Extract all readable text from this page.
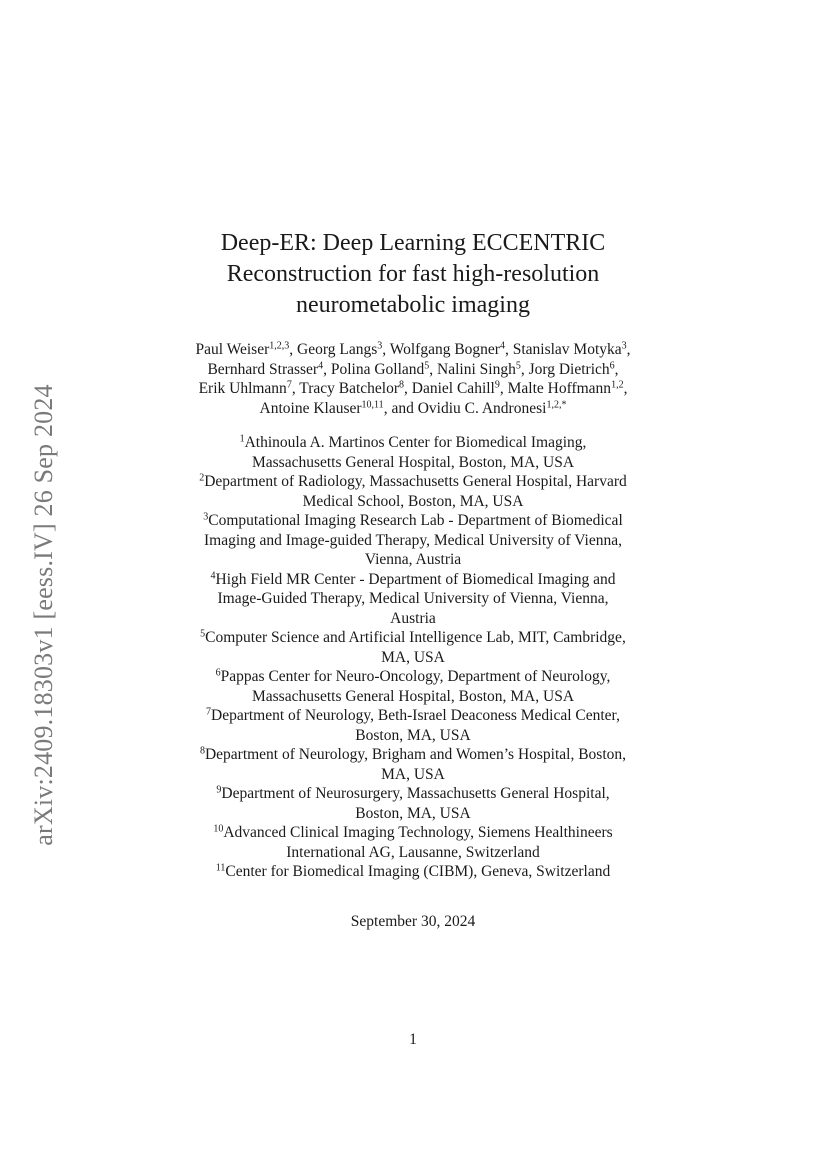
arXiv:2409.18303v1 [eess.IV] 26 Sep 2024
Deep-ER: Deep Learning ECCENTRIC
Reconstruction for fast high-resolution
neurometabolic imaging
Paul Weiser$^{1,2,3}$, Georg Langs$^3$, Wolfgang Bogner$^4$, Stanislav Motyka$^3$,
Bernhard Strasser$^4$, Polina Golland$^5$, Nalini Singh$^5$, Jorg Dietrich$^6$,
Erik Uhlmann$^7$, Tracy Batchelor$^8$, Daniel Cahill$^9$, Malte Hoffmann$^{1,2}$,
Antoine Klauser$^{10,11}$, and Ovidiu C. Andronesi$^{1,2,*}$
$^1$Athinoula A. Martinos Center for Biomedical Imaging,
Massachusetts General Hospital, Boston, MA, USA
$^2$Department of Radiology, Massachusetts General Hospital, Harvard
Medical School, Boston, MA, USA
$^3$Computational Imaging Research Lab - Department of Biomedical
Imaging and Image-guided Therapy, Medical University of Vienna,
Vienna, Austria
$^4$High Field MR Center - Department of Biomedical Imaging and
Image-Guided Therapy, Medical University of Vienna, Vienna,
Austria
$^5$Computer Science and Artificial Intelligence Lab, MIT, Cambridge,
MA, USA
$^6$Pappas Center for Neuro-Oncology, Department of Neurology,
Massachusetts General Hospital, Boston, MA, USA
$^7$Department of Neurology, Beth-Israel Deaconess Medical Center,
Boston, MA, USA
$^8$Department of Neurology, Brigham and Women’s Hospital, Boston,
MA, USA
$^9$Department of Neurosurgery, Massachusetts General Hospital,
Boston, MA, USA
$^{10}$Advanced Clinical Imaging Technology, Siemens Healthineers
International AG, Lausanne, Switzerland
$^{11}$Center for Biomedical Imaging (CIBM), Geneva, Switzerland
September 30, 2024
1
